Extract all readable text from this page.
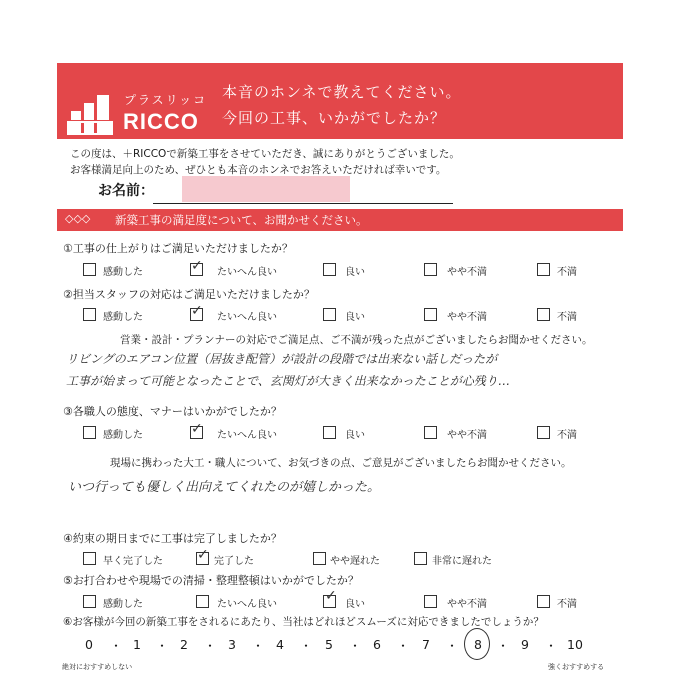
プラスリッコ
RICCO
本音のホンネで教えてください。
今回の工事、いかがでしたか？
この度は、＋RICCOで新築工事をさせていただき、誠にありがとうございました。
お客様満足向上のため、ぜひとも本音のホンネでお答えいただければ幸いです。
お名前：
◇◇◇ 新築工事の満足度について、お聞かせください。
①工事の仕上がりはご満足いただけましたか？
感動した	✓ たいへん良い	良い	やや不満	不満
②担当スタッフの対応はご満足いただけましたか？
感動した	✓ たいへん良い	良い	やや不満	不満
営業・設計・プランナーの対応でご満足点、ご不満が残った点がございましたらお聞かせください。
リビングのエアコン位置（居抜き配管）が設計の段階では出来ない話しだったが
工事が始まって可能となったことで、玄関灯が大きく出来なかったことが心残り…
③各職人の態度、マナーはいかがでしたか？
感動した	✓ たいへん良い	良い	やや不満	不満
現場に携わった大工・職人について、お気づきの点、ご意見がございましたらお聞かせください。
いつ行っても優しく出向えてくれたのが嬉しかった。
④約束の期日までに工事は完了しましたか？
早く完了した ✓ 完了した	やや遅れた	非常に遅れた
⑤お打合わせや現場での清掃・整理整頓はいかがでしたか？
感動した	たいへん良い
✓
良い	やや不満	不満
⑥お客様が今回の新築工事をされるにあたり、当社はどれほどスムーズに対応できましたでしょうか？
0 ・ 1 ・ 2 ・ 3 ・ 4 ・ 5 ・ 6 ・ 7 ・ 8 ・ 9 ・ 10
絶対におすすめしない	強くおすすめする
